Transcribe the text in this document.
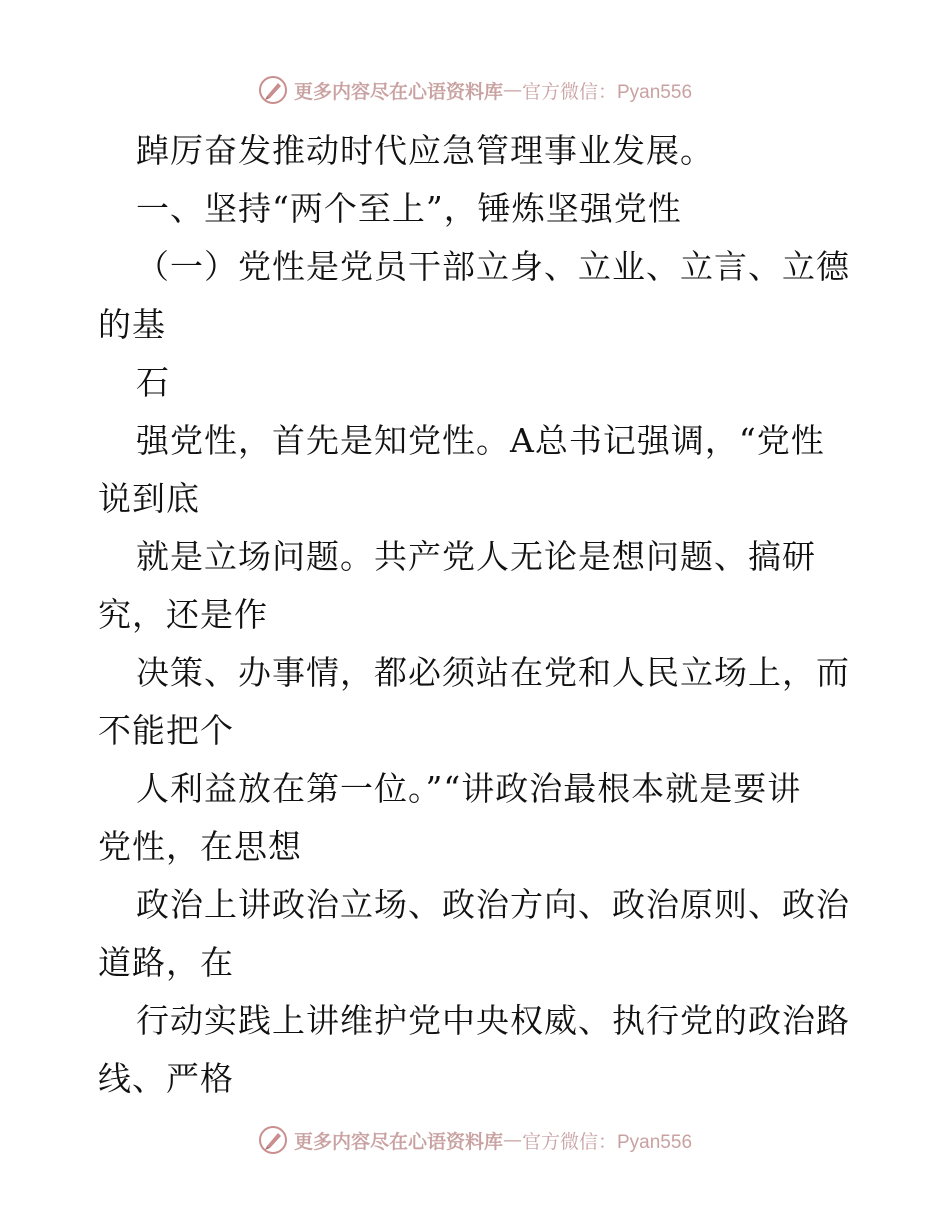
更多内容尽在心语资料库 — 官方微信：Pyan556
踔厉奋发推动时代应急管理事业发展。
一、坚持“两个至上”，锤炼坚强党性
（一）党性是党员干部立身、立业、立言、立德
的基
石
强党性，首先是知党性。A总书记强调，“党性
说到底
就是立场问题。共产党人无论是想问题、搞研
究，还是作
决策、办事情，都必须站在党和人民立场上，而
不能把个
人利益放在第一位。”“讲政治最根本就是要讲
党性，在思想
政治上讲政治立场、政治方向、政治原则、政治
道路，在
行动实践上讲维护党中央权威、执行党的政治路
线、严格
更多内容尽在心语资料库 — 官方微信：Pyan556
